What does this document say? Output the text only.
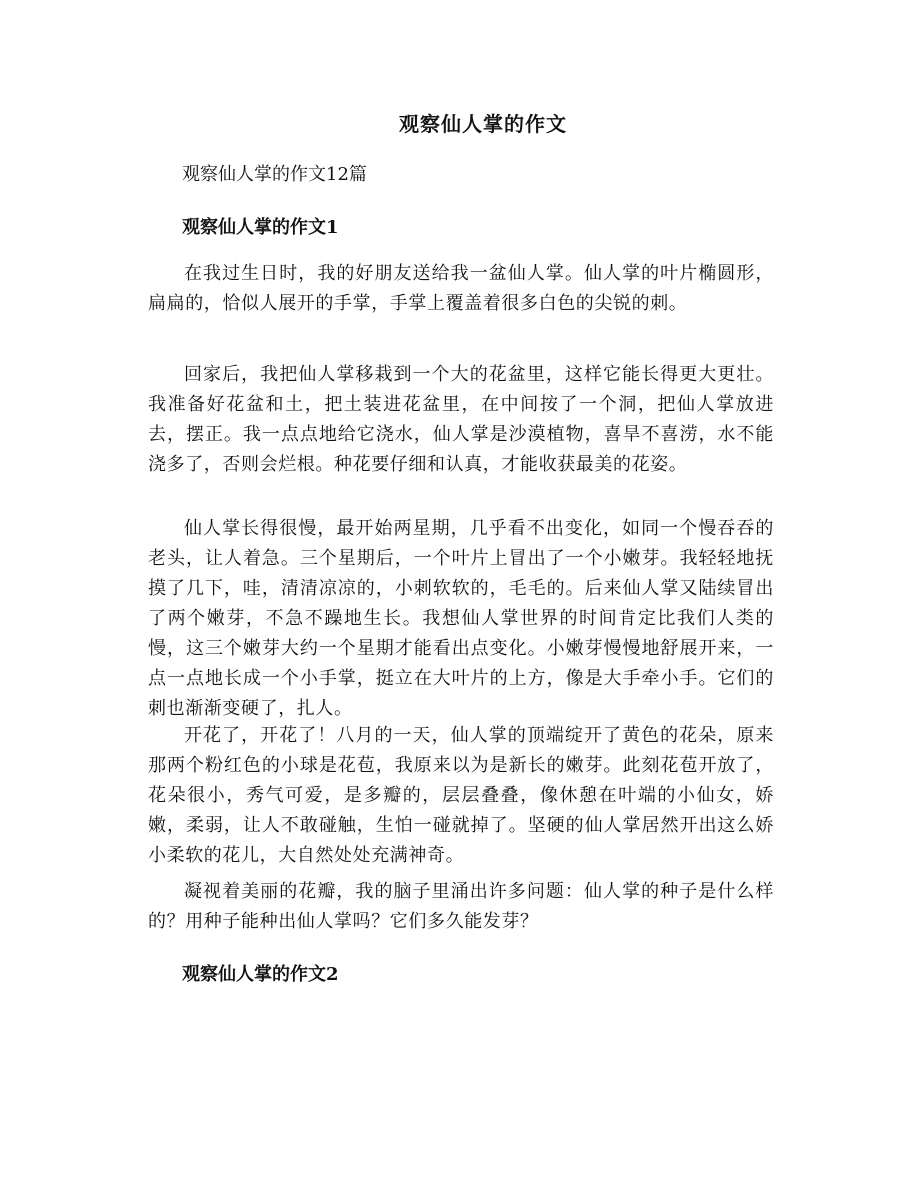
观察仙人掌的作文
观察仙人掌的作文12篇
观察仙人掌的作文1

在我过生日时，我的好朋友送给我一盆仙人掌。仙人掌的叶片椭圆形，扁扁的，恰似人展开的手掌，手掌上覆盖着很多白色的尖锐的刺。

回家后，我把仙人掌移栽到一个大的花盆里，这样它能长得更大更壮。我准备好花盆和土，把土装进花盆里，在中间按了一个洞，把仙人掌放进去，摆正。我一点点地给它浇水，仙人掌是沙漠植物，喜旱不喜涝，水不能浇多了，否则会烂根。种花要仔细和认真，才能收获最美的花姿。

仙人掌长得很慢，最开始两星期，几乎看不出变化，如同一个慢吞吞的老头，让人着急。三个星期后，一个叶片上冒出了一个小嫩芽。我轻轻地抚摸了几下，哇，清清凉凉的，小刺软软的，毛毛的。后来仙人掌又陆续冒出了两个嫩芽，不急不躁地生长。我想仙人掌世界的时间肯定比我们人类的慢，这三个嫩芽大约一个星期才能看出点变化。小嫩芽慢慢地舒展开来，一点一点地长成一个小手掌，挺立在大叶片的上方，像是大手牵小手。它们的刺也渐渐变硬了，扎人。

开花了，开花了！八月的一天，仙人掌的顶端绽开了黄色的花朵，原来那两个粉红色的小球是花苞，我原来以为是新长的嫩芽。此刻花苞开放了，花朵很小，秀气可爱，是多瓣的，层层叠叠，像休憩在叶端的小仙女，娇嫩，柔弱，让人不敢碰触，生怕一碰就掉了。坚硬的仙人掌居然开出这么娇小柔软的花儿，大自然处处充满神奇。

凝视着美丽的花瓣，我的脑子里涌出许多问题：仙人掌的种子是什么样的？用种子能种出仙人掌吗？它们多久能发芽？

观察仙人掌的作文2
